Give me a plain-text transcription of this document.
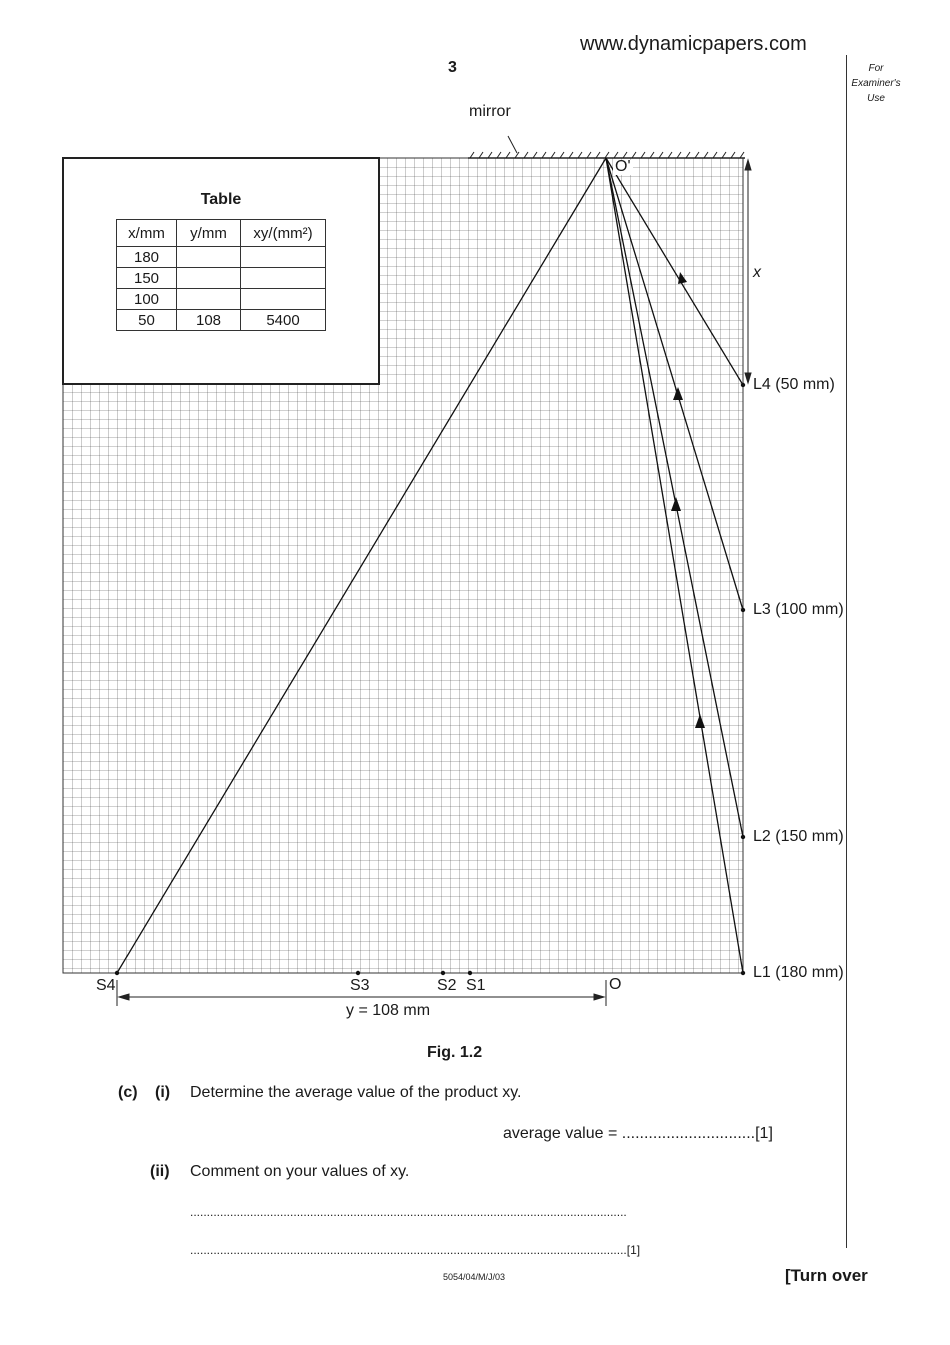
www.dynamicpapers.com
3	For Examiner's Use
mirror
O'
x
L4 (50 mm)
L3 (100 mm)
L2 (150 mm)
L1 (180 mm)
S4	S3	S2 S1	O
y = 108 mm
Table
x/mm	y/mm	xy/(mm²)
180		
150		
100		
50	108	5400
Fig. 1.2
(c) (i) Determine the average value of the product xy.
average value = ..............................[1]
(ii) Comment on your values of xy.
...................................................................................................................................
...................................................................................................................................[1]
5054/04/M/J/03	[Turn over
